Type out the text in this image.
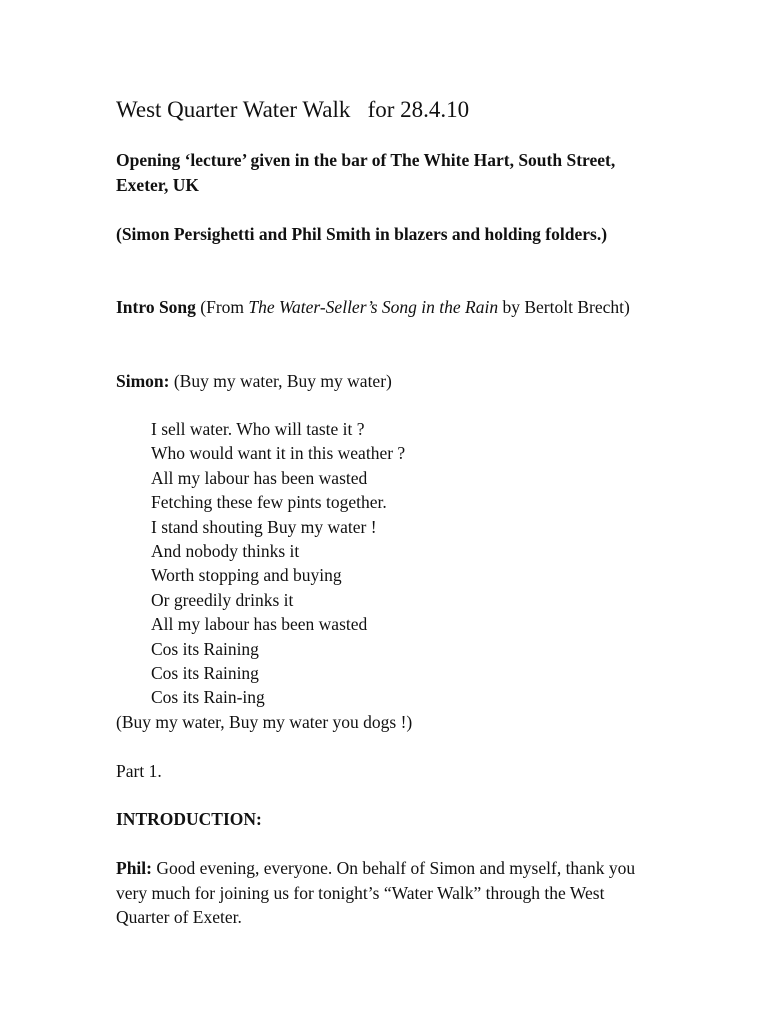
West Quarter Water Walk   for 28.4.10
Opening ‘lecture’ given in the bar of The White Hart, South Street, Exeter, UK
(Simon Persighetti and Phil Smith in blazers and holding folders.)
Intro Song (From The Water-Seller’s Song in the Rain by Bertolt Brecht)
Simon: (Buy my water, Buy my water)
I sell water. Who will taste it ?
Who would want it in this weather ?
All my labour has been wasted
Fetching these few pints together.
I stand shouting Buy my water !
And nobody thinks it
Worth stopping and buying
Or greedily drinks it
All my labour has been wasted
Cos its Raining
Cos its Raining
Cos its Rain-ing
(Buy my water, Buy my water you dogs !)
Part 1.
INTRODUCTION:
Phil: Good evening, everyone. On behalf of Simon and myself, thank you very much for joining us for tonight’s “Water Walk” through the West Quarter of Exeter.
